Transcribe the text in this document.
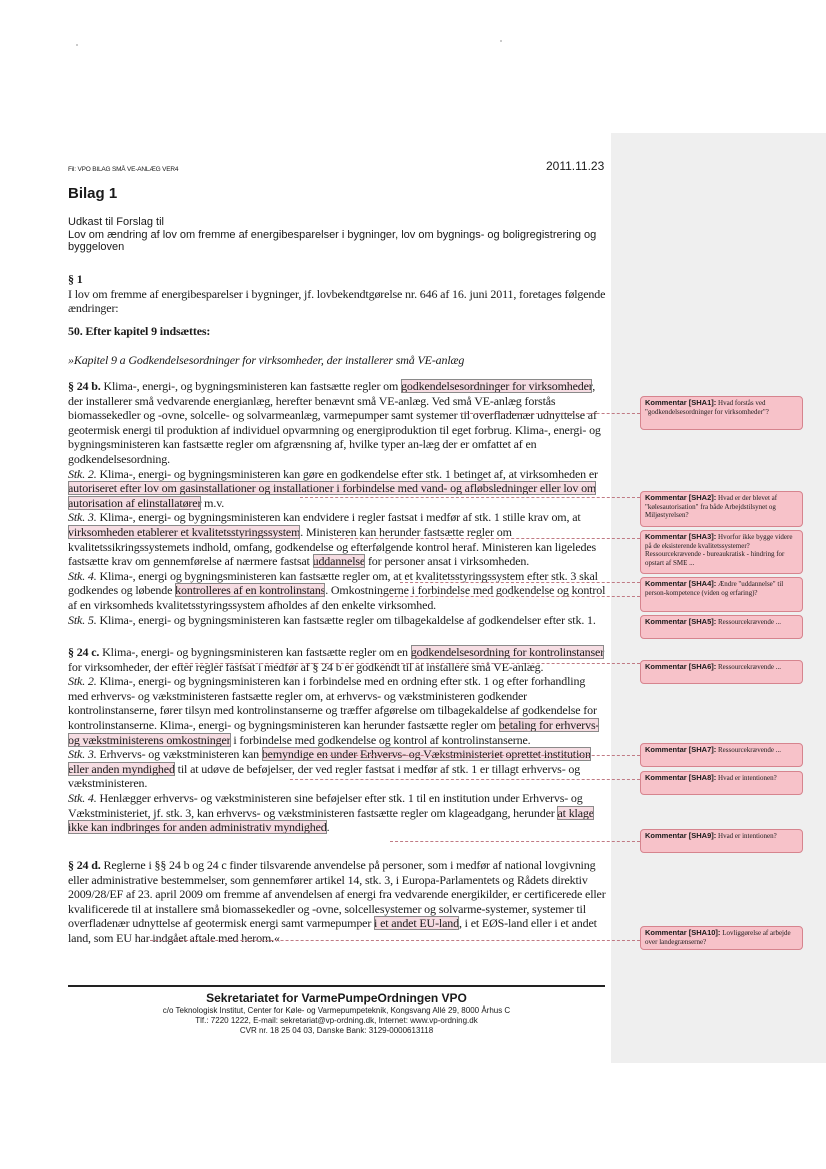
Fil: VPO BILAG SMÅ VE-ANLÆG VER4	2011.11.23
Bilag 1
Udkast til Forslag til
Lov om ændring af lov om fremme af energibesparelser i bygninger, lov om bygnings- og boligregistrering og byggeloven

§ 1

I lov om fremme af energibesparelser i bygninger, jf. lovbekendtgørelse nr. 646 af 16. juni 2011, foretages følgende ændringer:

50. Efter kapitel 9 indsættes:

»Kapitel 9 a Godkendelsesordninger for virksomheder, der installerer små VE-anlæg

§ 24 b. Klima-, energi-, og bygningsministeren kan fastsætte regler om godkendelsesordninger for virksomheder, der installerer små vedvarende energianlæg, herefter benævnt små VE-anlæg. Ved små VE-anlæg forstås biomassekedler og -ovne, solcelle- og solvarmeanlæg, varmepumper samt systemer til overfladenær udnyttelse af geotermisk energi til produktion af individuel opvarmning og energiproduktion til eget forbrug. Klima-, energi- og bygningsministeren kan fastsætte regler om afgrænsning af, hvilke typer an-læg der er omfattet af en godkendelsesordning.

Stk. 2. Klima-, energi- og bygningsministeren kan gøre en godkendelse efter stk. 1 betinget af, at virksomheden er autoriseret efter lov om gasinstallationer og installationer i forbindelse med vand- og afløbsledninger eller lov om autorisation af elinstallatører m.v.

Stk. 3. Klima-, energi- og bygningsministeren kan endvidere i regler fastsat i medfør af stk. 1 stille krav om, at virksomheden etablerer et kvalitetsstyringssystem. Ministeren kan herunder fastsætte regler om kvalitetssikringssystemets indhold, omfang, godkendelse og efterfølgende kontrol heraf. Ministeren kan ligeledes fastsætte krav om gennemførelse af nærmere fastsat uddannelse for personer ansat i virksomheden.

Stk. 4. Klima-, energi og bygningsministeren kan fastsætte regler om, at et kvalitetsstyringssystem efter stk. 3 skal godkendes og løbende kontrolleres af en kontrolinstans. Omkostningerne i forbindelse med godkendelse og kontrol af en virksomheds kvalitetsstyringssystem afholdes af den enkelte virksomhed.

Stk. 5. Klima-, energi- og bygningsministeren kan fastsætte regler om tilbagekaldelse af godkendelser efter stk. 1.

§ 24 c. Klima-, energi- og bygningsministeren kan fastsætte regler om en godkendelsesordning for kontrolinstanser for virksomheder, der efter regler fastsat i medfør af § 24 b er godkendt til at installere små VE-anlæg.

Stk. 2. Klima-, energi- og bygningsministeren kan i forbindelse med en ordning efter stk. 1 og efter forhandling med erhvervs- og vækstministeren fastsætte regler om, at erhvervs- og vækstministeren godkender kontrolinstanserne, fører tilsyn med kontrolinstanserne og træffer afgørelse om tilbagekaldelse af godkendelse for kontrolinstanserne. Klima-, energi- og bygningsministeren kan herunder fastsætte regler om betaling for erhvervs- og vækstministerens omkostninger i forbindelse med godkendelse og kontrol af kontrolinstanserne.

Stk. 3. Erhvervs- og vækstministeren kan bemyndige en under Erhvervs- og Vækstministeriet oprettet institution eller anden myndighed til at udøve de beføjelser, der ved regler fastsat i medfør af stk. 1 er tillagt erhvervs- og vækstministeren.

Stk. 4. Henlægger erhvervs- og vækstministeren sine beføjelser efter stk. 1 til en institution under Erhvervs- og Vækstministeriet, jf. stk. 3, kan erhvervs- og vækstministeren fastsætte regler om klageadgang, herunder at klage ikke kan indbringes for anden administrativ myndighed.

§ 24 d. Reglerne i §§ 24 b og 24 c finder tilsvarende anvendelse på personer, som i medfør af national lovgivning eller administrative bestemmelser, som gennemfører artikel 14, stk. 3, i Europa-Parlamentets og Rådets direktiv 2009/28/EF af 23. april 2009 om fremme af anvendelsen af energi fra vedvarende energikilder, er certificerede eller kvalificerede til at installere små biomassekedler og -ovne, solcellesystemer og solvarme-systemer, systemer til overfladenær udnyttelse af geotermisk energi samt varmepumper i et andet EU-land, i et EØS-land eller i et andet land, som EU har indgået aftale med herom.«

Kommentar [SHA1]: Hvad forstås ved "godkendelsesordninger for virksomheder"?
Kommentar [SHA2]: Hvad er der blevet af "kølesautorisation" fra både Arbejdstilsynet og Miljøstyrelsen?
Kommentar [SHA3]: Hvorfor ikke bygge videre på de eksisterende kvalitetssystemer? Ressourcekrævende - bureaukratisk - hindring for opstart af SME ...
Kommentar [SHA4]: Ændre "uddannelse" til person-kompetence (viden og erfaring)?
Kommentar [SHA5]: Ressourcekrævende ...
Kommentar [SHA6]: Ressourcekrævende ...
Kommentar [SHA7]: Ressourcekrævende ...
Kommentar [SHA8]: Hvad er intentionen?
Kommentar [SHA9]: Hvad er intentionen?
Kommentar [SHA10]: Lovliggørelse af arbejde over landegrænserne?
Sekretariatet for VarmePumpeOrdningen VPO
c/o Teknologisk Institut, Center for Køle- og Varmepumpeteknik, Kongsvang Allé 29, 8000 Århus C
Tlf.: 7220 1222, E-mail: sekretariat@vp-ordning.dk, Internet: www.vp-ordning.dk
CVR nr. 18 25 04 03, Danske Bank: 3129-0000613118
